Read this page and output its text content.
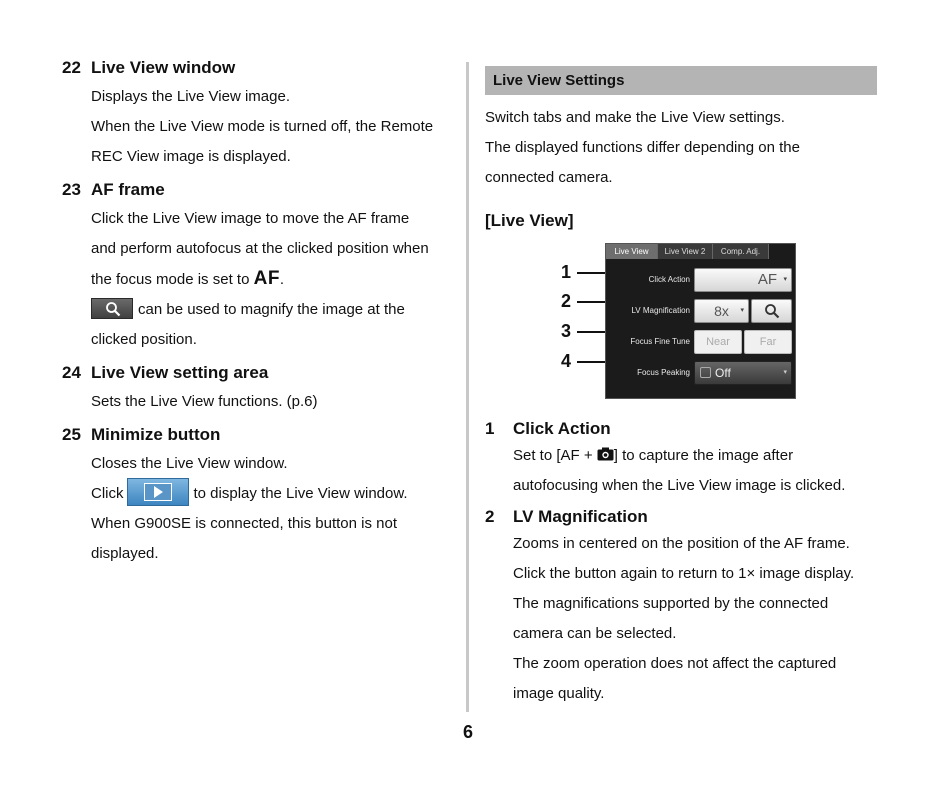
22 Live View window
Displays the Live View image.
When the Live View mode is turned off, the Remote
REC View image is displayed.
23 AF frame
Click the Live View image to move the AF frame
and perform autofocus at the clicked position when
the focus mode is set to AF.
can be used to magnify the image at the
clicked position.
24 Live View setting area
Sets the Live View functions. (p.6)
25 Minimize button
Closes the Live View window.
Click	to display the Live View window.
When G900SE is connected, this button is not
displayed.
Live View Settings
Switch tabs and make the Live View settings.
The displayed functions differ depending on the
connected camera.
[Live View]
1
2
3
4
Live View	Live View 2	Comp. Adj.
Click Action	AF ▾
LV Magnification	8x ▾
Focus Fine Tune	Near	Far
Focus Peaking	Off	▾
1 Click Action
Set to [AF + ] to capture the image after
autofocusing when the Live View image is clicked.
2 LV Magnification
Zooms in centered on the position of the AF frame.
Click the button again to return to 1× image display.
The magnifications supported by the connected
camera can be selected.
The zoom operation does not affect the captured
image quality.
6
